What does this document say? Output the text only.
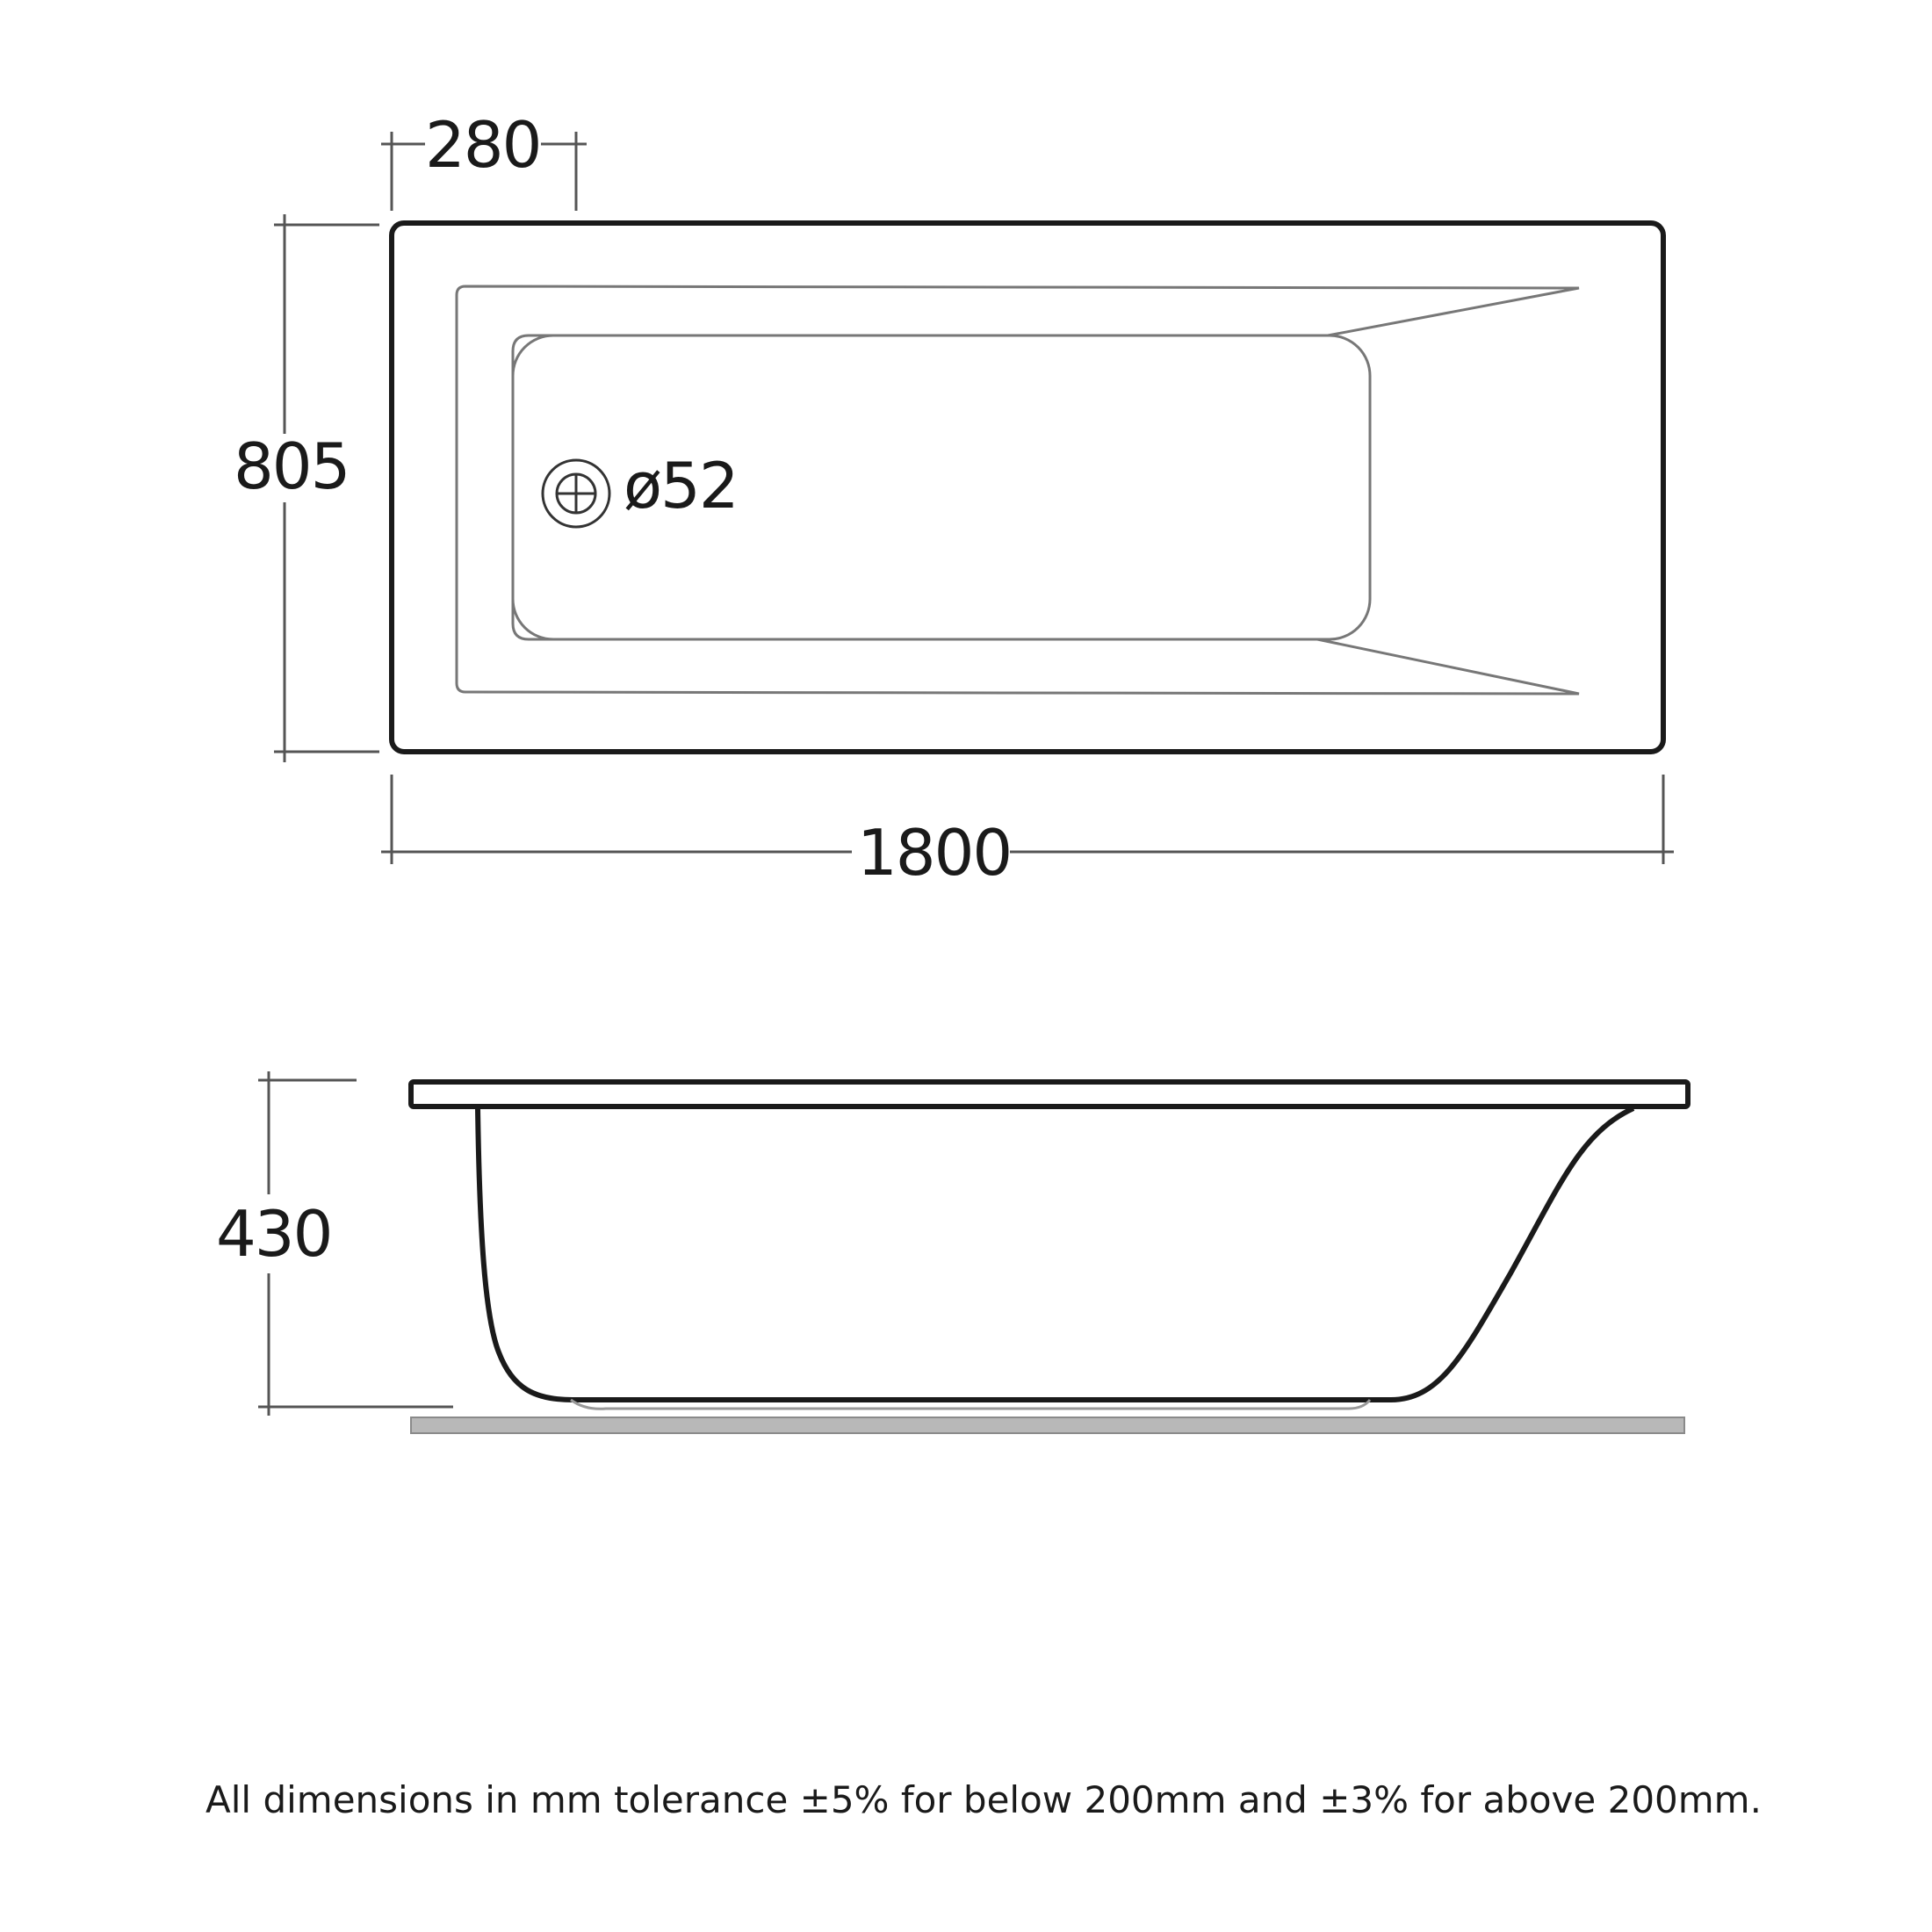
ø52
280
805
1800
430
All dimensions in mm tolerance ±5% for below 200mm and ±3% for above 200mm.
